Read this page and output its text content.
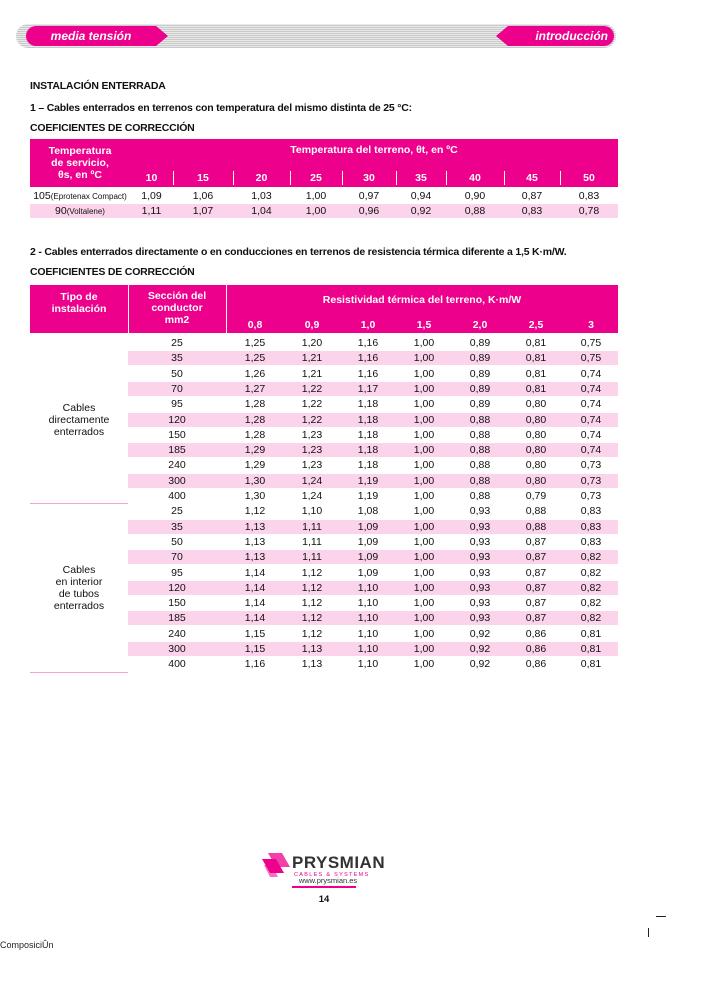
media tensión	introducción técnica
INSTALACIÓN ENTERRADA
1 – Cables enterrados en terrenos con temperatura del mismo distinta de 25 °C:
COEFICIENTES DE CORRECCIÓN
Temperatura
de servicio,
θs, en ºC
Temperatura del terreno, θt, en ºC
10	15	20	25	30	35	40	45	50
105 (Eprotenax Compact)	1,09	1,06	1,03	1,00	0,97	0,94	0,90	0,87	0,83
90 (Voltalene)	1,11	1,07	1,04	1,00	0,96	0,92	0,88	0,83	0,78
2 - Cables enterrados directamente o en conducciones en terrenos de resistencia térmica diferente a 1,5 K·m/W.
COEFICIENTES DE CORRECCIÓN
Tipo de
instalación
Sección del
conductor
mm2
Resistividad térmica del terreno, K·m/W
0,8	0,9	1,0	1,5	2,0	2,5	3
25	1,25	1,20	1,16	1,00	0,89	0,81	0,75
35	1,25	1,21	1,16	1,00	0,89	0,81	0,75
50	1,26	1,21	1,16	1,00	0,89	0,81	0,74
70	1,27	1,22	1,17	1,00	0,89	0,81	0,74
95	1,28	1,22	1,18	1,00	0,89	0,80	0,74
120	1,28	1,22	1,18	1,00	0,88	0,80	0,74
150	1,28	1,23	1,18	1,00	0,88	0,80	0,74
185	1,29	1,23	1,18	1,00	0,88	0,80	0,74
240	1,29	1,23	1,18	1,00	0,88	0,80	0,73
300	1,30	1,24	1,19	1,00	0,88	0,80	0,73
400	1,30	1,24	1,19	1,00	0,88	0,79	0,73
Cables
directamente
enterrados
25	1,12	1,10	1,08	1,00	0,93	0,88	0,83
35	1,13	1,11	1,09	1,00	0,93	0,88	0,83
50	1,13	1,11	1,09	1,00	0,93	0,87	0,83
70	1,13	1,11	1,09	1,00	0,93	0,87	0,82
95	1,14	1,12	1,09	1,00	0,93	0,87	0,82
120	1,14	1,12	1,10	1,00	0,93	0,87	0,82
150	1,14	1,12	1,10	1,00	0,93	0,87	0,82
185	1,14	1,12	1,10	1,00	0,93	0,87	0,82
240	1,15	1,12	1,10	1,00	0,92	0,86	0,81
300	1,15	1,13	1,10	1,00	0,92	0,86	0,81
400	1,16	1,13	1,10	1,00	0,92	0,86	0,81
Cables
en interior
de tubos
enterrados
PRYSMIAN
CABLES & SYSTEMS
www.prysmian.es
14
ComposiciÛn
